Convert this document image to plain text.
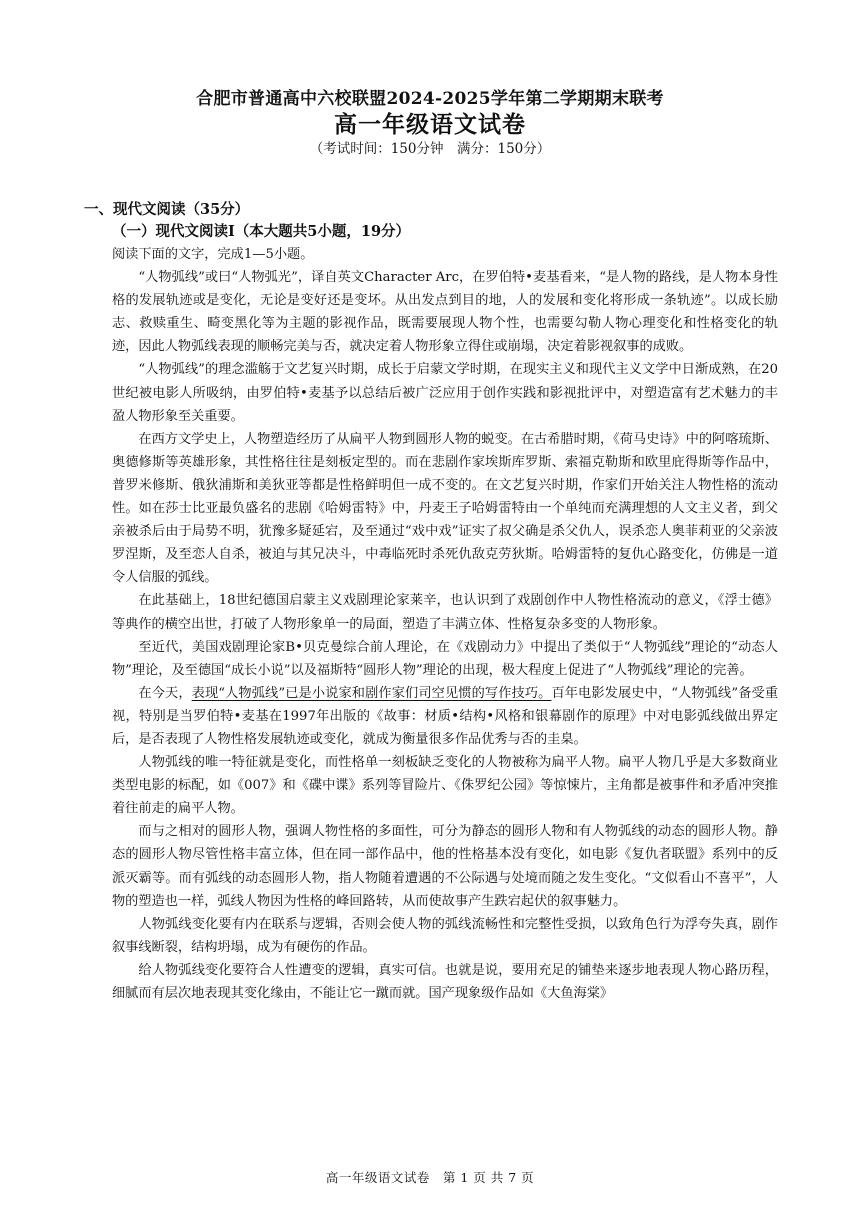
合肥市普通高中六校联盟2024-2025学年第二学期期末联考
高一年级语文试卷
（考试时间：150分钟　满分：150分）
一、现代文阅读（35分）
（一）现代文阅读Ⅰ（本大题共5小题，19分）

阅读下面的文字，完成1—5小题。

“人物弧线”或曰“人物弧光”，译自英文Character Arc，在罗伯特•麦基看来，“是人物的路线，是人物本身性格的发展轨迹或是变化，无论是变好还是变坏。从出发点到目的地，人的发展和变化将形成一条轨迹”。以成长励志、救赎重生、畸变黑化等为主题的影视作品，既需要展现人物个性，也需要勾勒人物心理变化和性格变化的轨迹，因此人物弧线表现的顺畅完美与否，就决定着人物形象立得住或崩塌，决定着影视叙事的成败。

“人物弧线”的理念滥觞于文艺复兴时期，成长于启蒙文学时期，在现实主义和现代主义文学中日渐成熟，在20世纪被电影人所吸纳，由罗伯特•麦基予以总结后被广泛应用于创作实践和影视批评中，对塑造富有艺术魅力的丰盈人物形象至关重要。

在西方文学史上，人物塑造经历了从扁平人物到圆形人物的蜕变。在古希腊时期，《荷马史诗》中的阿喀琉斯、奥德修斯等英雄形象，其性格往往是刻板定型的。而在悲剧作家埃斯库罗斯、索福克勒斯和欧里庇得斯等作品中，普罗米修斯、俄狄浦斯和美狄亚等都是性格鲜明但一成不变的。在文艺复兴时期，作家们开始关注人物性格的流动性。如在莎士比亚最负盛名的悲剧《哈姆雷特》中，丹麦王子哈姆雷特由一个单纯而充满理想的人文主义者，到父亲被杀后由于局势不明，犹豫多疑延宕，及至通过“戏中戏”证实了叔父确是杀父仇人，误杀恋人奥菲莉亚的父亲波罗涅斯，及至恋人自杀，被迫与其兄决斗，中毒临死时杀死仇敌克劳狄斯。哈姆雷特的复仇心路变化，仿佛是一道令人信服的弧线。

在此基础上，18世纪德国启蒙主义戏剧理论家莱辛，也认识到了戏剧创作中人物性格流动的意义，《浮士德》等典作的横空出世，打破了人物形象单一的局面，塑造了丰满立体、性格复杂多变的人物形象。

至近代，美国戏剧理论家B•贝克曼综合前人理论，在《戏剧动力》中提出了类似于“人物弧线”理论的“动态人物”理论，及至德国“成长小说”以及福斯特“圆形人物”理论的出现，极大程度上促进了“人物弧线”理论的完善。

在今天，表现“人物弧线”已是小说家和剧作家们司空见惯的写作技巧。百年电影发展史中，“人物弧线”备受重视，特别是当罗伯特•麦基在1997年出版的《故事：材质•结构•风格和银幕剧作的原理》中对电影弧线做出界定后，是否表现了人物性格发展轨迹或变化，就成为衡量很多作品优秀与否的圭臬。

人物弧线的唯一特征就是变化，而性格单一刻板缺乏变化的人物被称为扁平人物。扁平人物几乎是大多数商业类型电影的标配，如《007》和《碟中谍》系列等冒险片、《侏罗纪公园》等惊悚片，主角都是被事件和矛盾冲突推着往前走的扁平人物。

而与之相对的圆形人物，强调人物性格的多面性，可分为静态的圆形人物和有人物弧线的动态的圆形人物。静态的圆形人物尽管性格丰富立体，但在同一部作品中，他的性格基本没有变化，如电影《复仇者联盟》系列中的反派灭霸等。而有弧线的动态圆形人物，指人物随着遭遇的不公际遇与处境而随之发生变化。“文似看山不喜平”，人物的塑造也一样，弧线人物因为性格的峰回路转，从而使故事产生跌宕起伏的叙事魅力。

人物弧线变化要有内在联系与逻辑，否则会使人物的弧线流畅性和完整性受损，以致角色行为浮夸失真，剧作叙事线断裂，结构坍塌，成为有硬伤的作品。

给人物弧线变化要符合人性遭变的逻辑，真实可信。也就是说，要用充足的铺垫来逐步地表现人物心路历程，细腻而有层次地表现其变化缘由，不能让它一蹴而就。国产现象级作品如《大鱼海棠》

高一年级语文试卷　第 1 页 共 7 页
